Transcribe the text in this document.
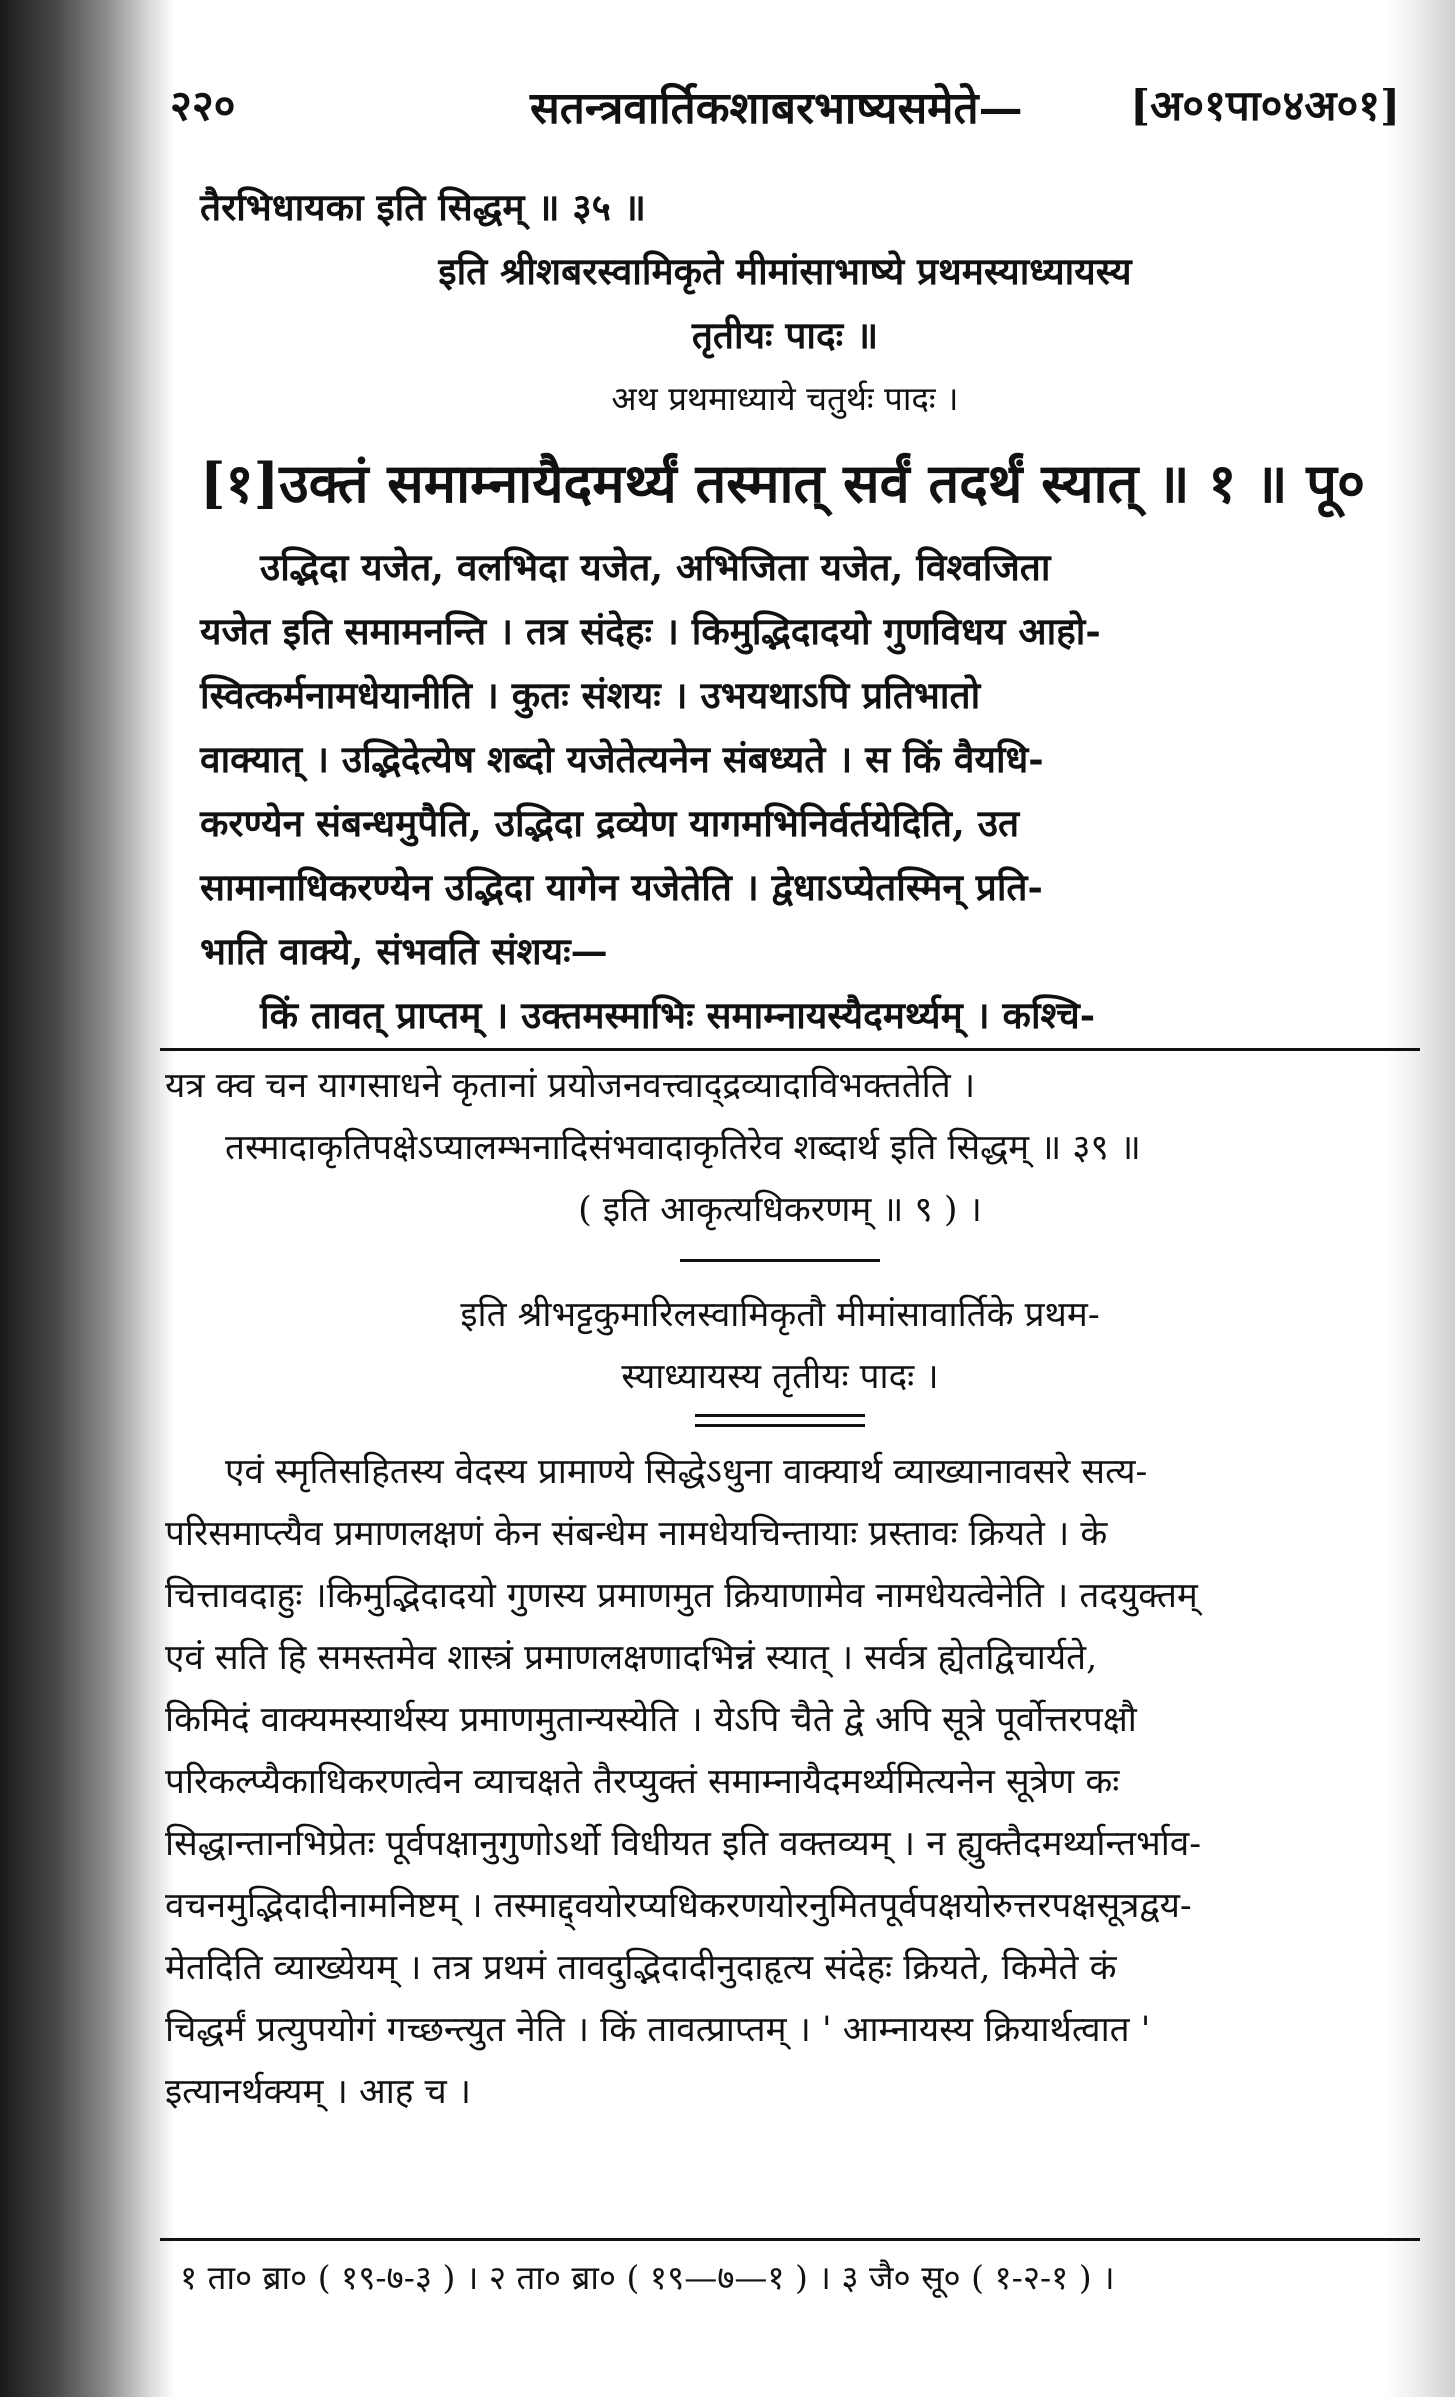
२२०	सतन्त्रवार्तिकशाबरभाष्यसमेते—	[अ०१पा०४अ०१]
तैरभिधायका इति सिद्धम् ॥ ३५ ॥
इति श्रीशबरस्वामिकृते मीमांसाभाष्ये प्रथमस्याध्यायस्य
तृतीयः पादः ॥
अथ प्रथमाध्याये चतुर्थः पादः ।
[१]उक्तं समाम्नायैदमर्थ्यं तस्मात् सर्वं तदर्थं स्यात् ॥ १ ॥ पू०
उद्भिदा यजेत, वलभिदा यजेत, अभिजिता यजेत, विश्वजिता
यजेत इति समामनन्ति । तत्र संदेहः । किमुद्भिदादयो गुणविधय आहो-
स्वित्कर्मनामधेयानीति । कुतः संशयः । उभयथाऽपि प्रतिभातो
वाक्यात् । उद्भिदेत्येष शब्दो यजेतेत्यनेन संबध्यते । स किं वैयधि-
करण्येन संबन्धमुपैति, उद्भिदा द्रव्येण यागमभिनिर्वर्तयेदिति, उत
सामानाधिकरण्येन उद्भिदा यागेन यजेतेति । द्वेधाऽप्येतस्मिन् प्रति-
भाति वाक्ये, संभवति संशयः—
किं तावत् प्राप्तम् । उक्तमस्माभिः समाम्नायस्यैदमर्थ्यम् । कश्चि-
यत्र क्व चन यागसाधने कृतानां प्रयोजनवत्त्वाद्द्रव्यादाविभक्ततेति ।
तस्मादाकृतिपक्षेऽप्यालम्भनादिसंभवादाकृतिरेव शब्दार्थ इति सिद्धम् ॥ ३९ ॥
( इति आकृत्यधिकरणम् ॥ ९ ) ।
इति श्रीभट्टकुमारिलस्वामिकृतौ मीमांसावार्तिके प्रथम-
स्याध्यायस्य तृतीयः पादः ।
एवं स्मृतिसहितस्य वेदस्य प्रामाण्ये सिद्धेऽधुना वाक्यार्थ व्याख्यानावसरे सत्य-
परिसमाप्त्यैव प्रमाणलक्षणं केन संबन्धेम नामधेयचिन्तायाः प्रस्तावः क्रियते । के
चित्तावदाहुः ।किमुद्भिदादयो गुणस्य प्रमाणमुत क्रियाणामेव नामधेयत्वेनेति । तदयुक्तम्
एवं सति हि समस्तमेव शास्त्रं प्रमाणलक्षणादभिन्नं स्यात् । सर्वत्र ह्येतद्विचार्यते,
किमिदं वाक्यमस्यार्थस्य प्रमाणमुतान्यस्येति । येऽपि चैते द्वे अपि सूत्रे पूर्वोत्तरपक्षौ
परिकल्प्यैकाधिकरणत्वेन व्याचक्षते तैरप्युक्तं समाम्नायैदमर्थ्यमित्यनेन सूत्रेण कः
सिद्धान्तानभिप्रेतः पूर्वपक्षानुगुणोऽर्थो विधीयत इति वक्तव्यम् । न ह्युक्तैदमर्थ्यान्तर्भाव-
वचनमुद्भिदादीनामनिष्टम् । तस्माद्द्वयोरप्यधिकरणयोरनुमितपूर्वपक्षयोरुत्तरपक्षसूत्रद्वय-
मेतदिति व्याख्येयम् । तत्र प्रथमं तावदुद्भिदादीनुदाहृत्य संदेहः क्रियते, किमेते कं
चिद्धर्मं प्रत्युपयोगं गच्छन्त्युत नेति । किं तावत्प्राप्तम् । ' आम्नायस्य क्रियार्थत्वात '
इत्यानर्थक्यम् । आह च ।
१ ता० ब्रा० ( १९-७-३ ) । २ ता० ब्रा० ( १९—७—१ ) । ३ जै० सू० ( १-२-१ ) ।
